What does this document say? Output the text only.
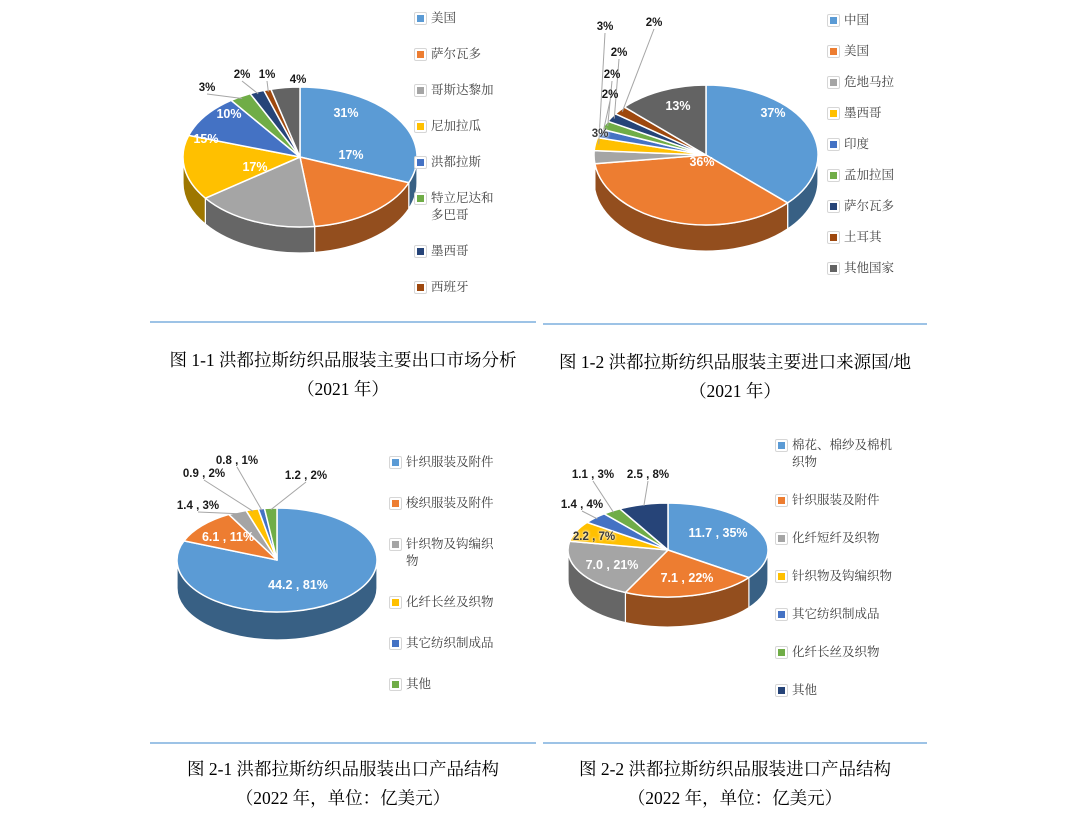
美国
萨尔瓦多
哥斯达黎加
尼加拉瓜
洪都拉斯
特立尼达和多巴哥
墨西哥
西班牙
31%
17%
17%
15%
10%
3%
2% 1% 4%
中国
美国
危地马拉
墨西哥
印度
孟加拉国
萨尔瓦多
土耳其
其他国家
37%
36%
3%
3%
2%
2%
2%
2%
13%

图 1-1 洪都拉斯纺织品服装主要出口市场分析

（2021 年）

图 1-2 洪都拉斯纺织品服装主要进口来源国/地

（2021 年）

针织服装及附件
梭织服装及附件
针织物及钩编织物
化纤长丝及织物
其它纺织制成品
其他
44.2 , 81%
6.1 , 11%
1.4 , 3%
0.9 , 2%
0.8 , 1%
1.2 , 2%
棉花、棉纱及棉机织物
针织服装及附件
化纤短纤及织物
针织物及钩编织物
其它纺织制成品
化纤长丝及织物
其他
11.7 , 35%
7.1 , 22%
7.0 , 21%
2.2 , 7%
1.4 , 4%
1.1 , 3% 2.5 , 8%

图 2-1 洪都拉斯纺织品服装出口产品结构

（2022 年，单位：亿美元）

图 2-2 洪都拉斯纺织品服装进口产品结构

（2022 年，单位：亿美元）
